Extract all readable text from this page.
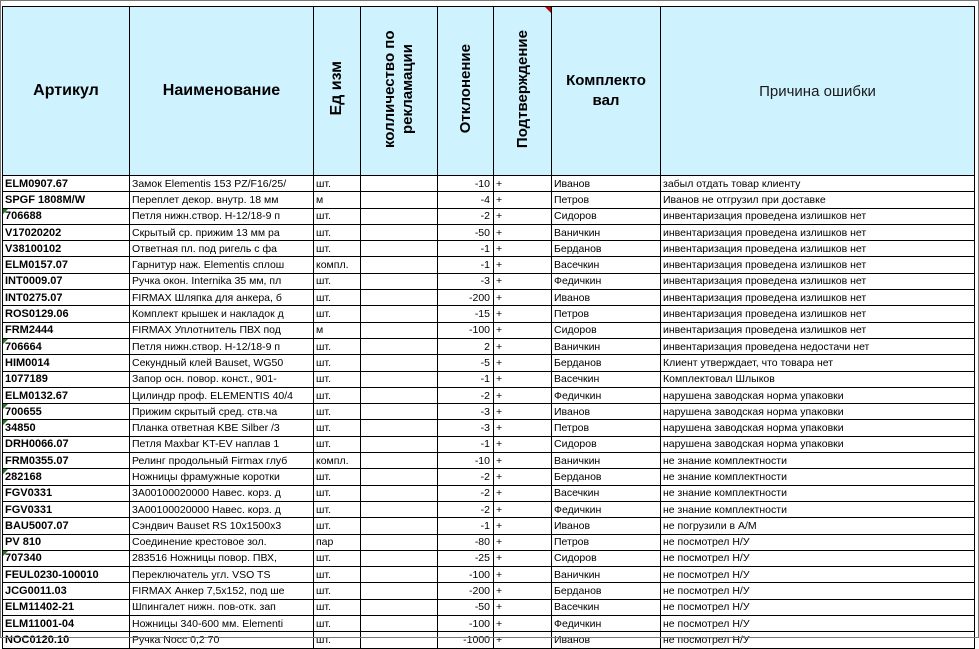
Артикул	Наименование	Ед изм	колличество по рекламации	Отклонение	Подтверждение	Комплекто вал	Причина ошибки
ELM0907.67	Замок Elementis 153 PZ/F16/25/	шт.		-10	+	Иванов	забыл отдать товар клиенту
SPGF 1808M/W	Переплет декор. внутр. 18 мм	м		-4	+	Петров	Иванов не отгрузил при доставке
706688	Петля нижн.створ. Н-12/18-9 п	шт.		-2	+	Сидоров	инвентаризация проведена излишков нет
V17020202	Скрытый ср. прижим 13 мм ра	шт.		-50	+	Ваничкин	инвентаризация проведена излишков нет
V38100102	Ответная пл. под ригель с фа	шт.		-1	+	Берданов	инвентаризация проведена излишков нет
ELM0157.07	Гарнитур наж. Elementis сплош	компл.		-1	+	Васечкин	инвентаризация проведена излишков нет
INT0009.07	Ручка окон. Internika 35 мм, пл	шт.		-3	+	Федичкин	инвентаризация проведена излишков нет
INT0275.07	FIRMAX Шляпка для анкера, б	шт.		-200	+	Иванов	инвентаризация проведена излишков нет
ROS0129.06	Комплект крышек и накладок д	шт.		-15	+	Петров	инвентаризация проведена излишков нет
FRM2444	FIRMAX Уплотнитель ПВХ под	м		-100	+	Сидоров	инвентаризация проведена излишков нет
706664	Петля нижн.створ. Н-12/18-9 п	шт.		2	+	Ваничкин	инвентаризация проведена недостачи нет
HIM0014	Секундный клей Bauset, WG50	шт.		-5	+	Берданов	Клиент утверждает, что товара нет
1077189	Запор осн. повор. конст., 901-	шт.		-1	+	Васечкин	Комплектовал Шлыков
ELM0132.67	Цилиндр проф. ELEMENTIS 40/4	шт.		-2	+	Федичкин	нарушена заводская норма упаковки
700655	Прижим скрытый сред. ств.ча	шт.		-3	+	Иванов	нарушена заводская норма упаковки
34850	Планка ответная KBE Silber /3	шт.		-3	+	Петров	нарушена заводская норма упаковки
DRH0066.07	Петля Maxbar KT-EV наплав 1	шт.		-1	+	Сидоров	нарушена заводская норма упаковки
FRM0355.07	Релинг продольный Firmax глуб	компл.		-10	+	Ваничкин	не знание комплектности
282168	Ножницы фрамужные коротки	шт.		-2	+	Берданов	не знание комплектности
FGV0331	3A00100020000 Навес. корз. д	шт.		-2	+	Васечкин	не знание комплектности
FGV0331	3A00100020000 Навес. корз. д	шт.		-2	+	Федичкин	не знание комплектности
BAU5007.07	Сэндвич Bauset RS 10x1500x3	шт.		-1	+	Иванов	не погрузили в А/М
PV 810	Соединение крестовое зол.	пар		-80	+	Петров	не посмотрел Н/У
707340	283516 Ножницы повор. ПВХ,	шт.		-25	+	Сидоров	не посмотрел Н/У
FEUL0230-100010	Переключатель угл. VSO TS	шт.		-100	+	Ваничкин	не посмотрел Н/У
JCG0011.03	FIRMAX Анкер 7,5х152, под ше	шт.		-200	+	Берданов	не посмотрел Н/У
ELM11402-21	Шпингалет нижн. пов-отк. зап	шт.		-50	+	Васечкин	не посмотрел Н/У
ELM11001-04	Ножницы 340-600 мм. Elementi	шт.		-100	+	Федичкин	не посмотрел Н/У
NOC0120.10	Ручка Nocc 0,2 70	шт.		-1000	+	Иванов	не посмотрел Н/У
